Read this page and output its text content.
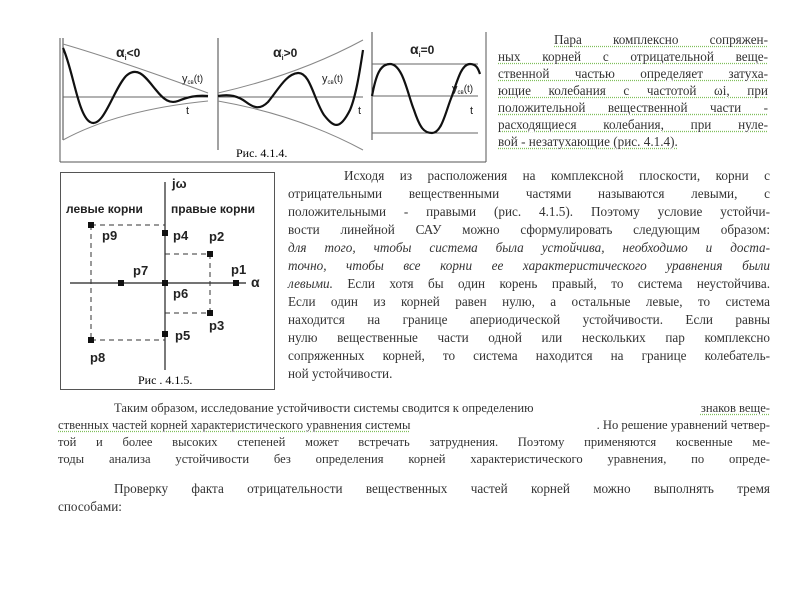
$\alpha_i<0$
yсв(t)
t
$\alpha_i>0$
yсв(t)
t
$\alpha_i=0$
yсв(t)
t
Рис. 4.1.4.
Пара комплексно сопряжен-
ных корней с отрицательной веще-
ственной частью определяет затуха-
ющие колебания с частотой ωi, при
положительной вещественной части -
расходящиеся колебания, при нуле-
вой - незатухающие (рис. 4.1.4).
jω
α
левые корни правые корни
p1
p2
p3
p4
p5
p6
p7
p8
p9
Рис . 4.1.5.
Исходя из расположения на комплексной плоскости, корни с
отрицательными вещественными частями называются левыми, с
положительными - правыми (рис. 4.1.5). Поэтому условие устойчи-
вости линейной САУ можно сформулировать следующим образом:
для того, чтобы система была устойчива, необходимо и доста-
точно, чтобы все корни ее характеристического уравнения были
левыми. Если хотя бы один корень правый, то система неустойчива.
Если один из корней равен нулю, а остальные левые, то система
находится на границе апериодической устойчивости. Если равны
нулю вещественные части одной или нескольких пар комплексно
сопряженных корней, то система находится на границе колебатель-
ной устойчивости.
Таким образом, исследование устойчивости системы сводится к определению	знаков веще-
ственных частей корней характеристического уравнения системы	. Но решение уравнений четвер-
той и более высоких степеней может встречать затруднения. Поэтому применяются косвенные ме-
тоды анализа устойчивости без определения корней характеристического уравнения, по опреде-
Проверку факта отрицательности вещественных частей корней можно выполнять тремя
способами:
